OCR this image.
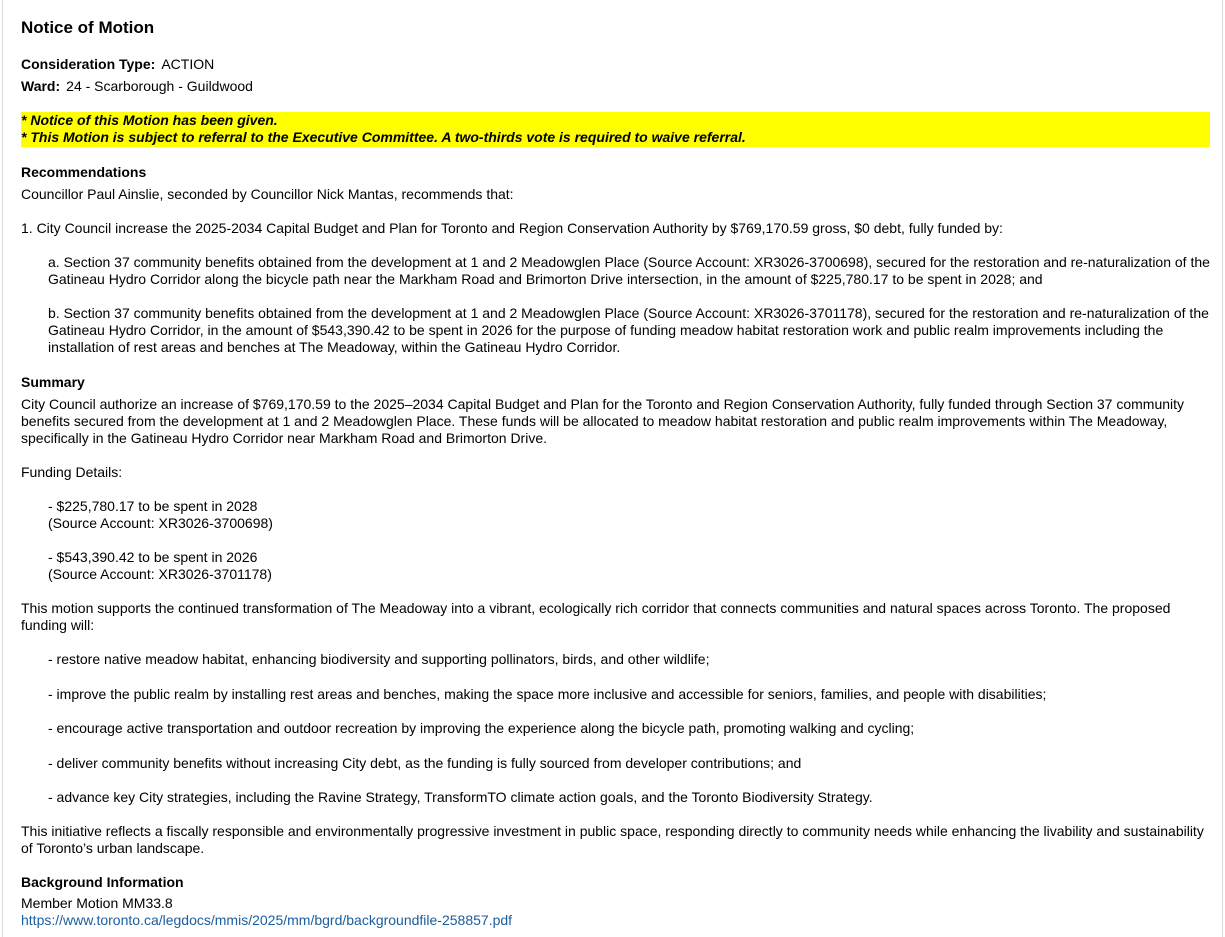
Notice of Motion
Consideration Type: ACTION
Ward: 24 - Scarborough - Guildwood
* Notice of this Motion has been given.
* This Motion is subject to referral to the Executive Committee. A two-thirds vote is required to waive referral.
Recommendations

Councillor Paul Ainslie, seconded by Councillor Nick Mantas, recommends that:

1. City Council increase the 2025-2034 Capital Budget and Plan for Toronto and Region Conservation Authority by $769,170.59 gross, $0 debt, fully funded by:

a. Section 37 community benefits obtained from the development at 1 and 2 Meadowglen Place (Source Account: XR3026-3700698), secured for the restoration and re-naturalization of the Gatineau Hydro Corridor along the bicycle path near the Markham Road and Brimorton Drive intersection, in the amount of $225,780.17 to be spent in 2028; and

b. Section 37 community benefits obtained from the development at 1 and 2 Meadowglen Place (Source Account: XR3026-3701178), secured for the restoration and re-naturalization of the Gatineau Hydro Corridor, in the amount of $543,390.42 to be spent in 2026 for the purpose of funding meadow habitat restoration work and public realm improvements including the installation of rest areas and benches at The Meadoway, within the Gatineau Hydro Corridor.

Summary

City Council authorize an increase of $769,170.59 to the 2025–2034 Capital Budget and Plan for the Toronto and Region Conservation Authority, fully funded through Section 37 community benefits secured from the development at 1 and 2 Meadowglen Place. These funds will be allocated to meadow habitat restoration and public realm improvements within The Meadoway, specifically in the Gatineau Hydro Corridor near Markham Road and Brimorton Drive.

Funding Details:

- $225,780.17 to be spent in 2028

(Source Account: XR3026-3700698)

- $543,390.42 to be spent in 2026

(Source Account: XR3026-3701178)

This motion supports the continued transformation of The Meadoway into a vibrant, ecologically rich corridor that connects communities and natural spaces across Toronto. The proposed funding will:

- restore native meadow habitat, enhancing biodiversity and supporting pollinators, birds, and other wildlife;

- improve the public realm by installing rest areas and benches, making the space more inclusive and accessible for seniors, families, and people with disabilities;

- encourage active transportation and outdoor recreation by improving the experience along the bicycle path, promoting walking and cycling;

- deliver community benefits without increasing City debt, as the funding is fully sourced from developer contributions; and

- advance key City strategies, including the Ravine Strategy, TransformTO climate action goals, and the Toronto Biodiversity Strategy.

This initiative reflects a fiscally responsible and environmentally progressive investment in public space, responding directly to community needs while enhancing the livability and sustainability of Toronto’s urban landscape.

Background Information

Member Motion MM33.8

https://www.toronto.ca/legdocs/mmis/2025/mm/bgrd/backgroundfile-258857.pdf
